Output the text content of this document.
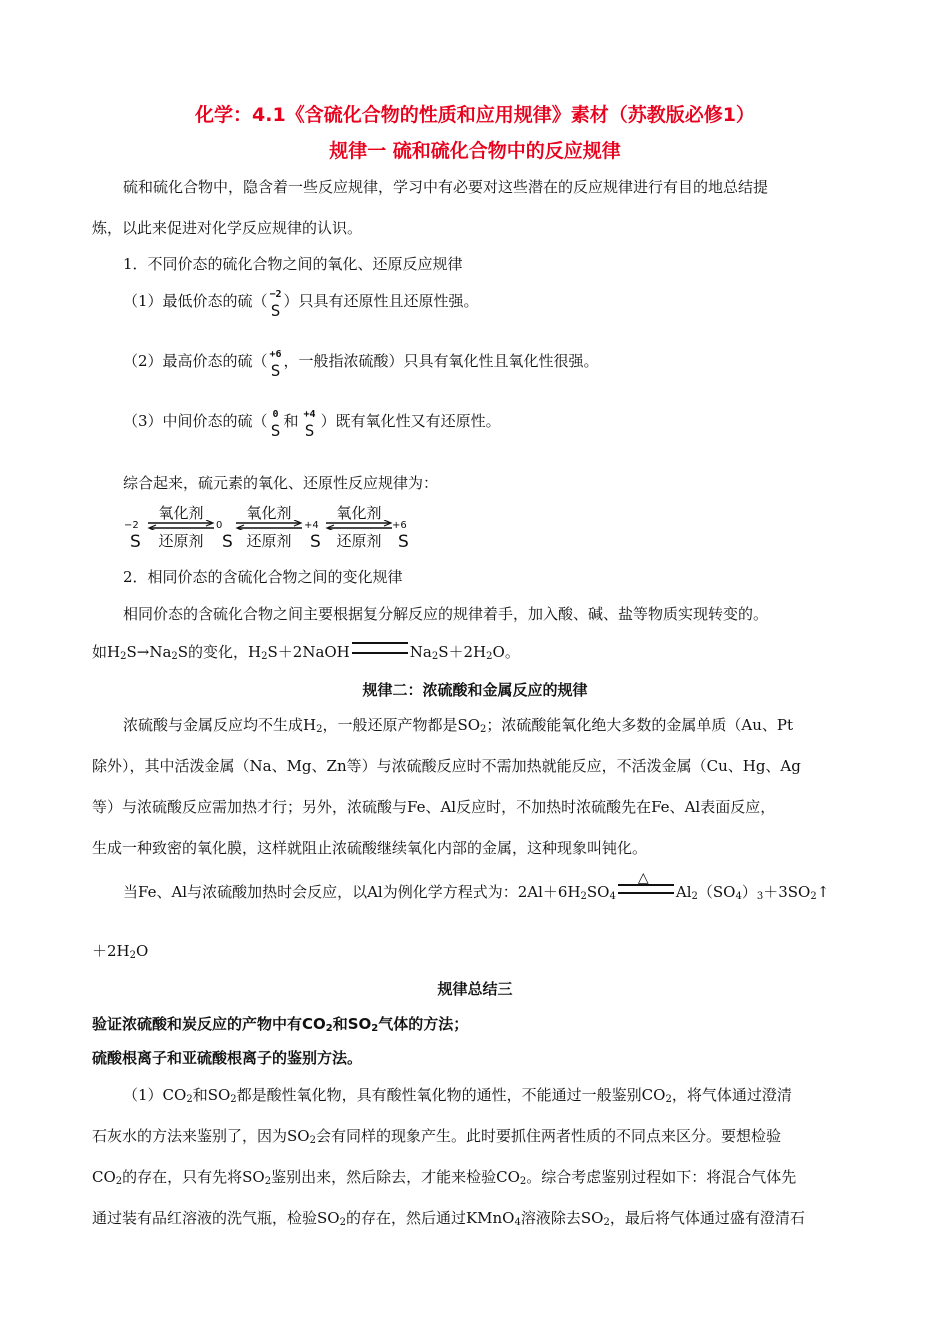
化学：4.1《含硫化合物的性质和应用规律》素材（苏教版必修1）
规律一 硫和硫化合物中的反应规律
硫和硫化合物中，隐含着一些反应规律，学习中有必要对这些潜在的反应规律进行有目的地总结提
炼，以此来促进对化学反应规律的认识。
1．不同价态的硫化合物之间的氧化、还原反应规律
（1）最低价态的硫（ −2
S ）只具有还原性且还原性强。
（2）最高价态的硫（ +6
S ，一般指浓硫酸）只具有氧化性且氧化性很强。
（3）中间价态的硫（ 0
S 和 +4
S ）既有氧化性又有还原性。
综合起来，硫元素的氧化、还原性反应规律为：
−2
S
氧化剂
还原剂
0
S
氧化剂
还原剂
+4
S
氧化剂
还原剂
+6
S
2．相同价态的含硫化合物之间的变化规律
相同价态的含硫化合物之间主要根据复分解反应的规律着手，加入酸、碱、盐等物质实现转变的。
如$H_2S\to Na_2S$的变化，$H_2S+2NaOH$	$Na_2S+2H_2O$。
规律二：浓硫酸和金属反应的规律
浓硫酸与金属反应均不生成$H_2$，一般还原产物都是$SO_2$；浓硫酸能氧化绝大多数的金属单质（Au、Pt
除外），其中活泼金属（Na、Mg、Zn等）与浓硫酸反应时不需加热就能反应，不活泼金属（Cu、Hg、Ag
等）与浓硫酸反应需加热才行；另外，浓硫酸与Fe、Al反应时，不加热时浓硫酸先在Fe、Al表面反应，
生成一种致密的氧化膜，这样就阻止浓硫酸继续氧化内部的金属，这种现象叫钝化。
当Fe、Al与浓硫酸加热时会反应，以Al为例化学方程式为：$2Al+6H_2SO_4$
△
$Al_2(SO_4)_3+3SO_2↑$
$+2H_2O$
规律总结三
验证浓硫酸和炭反应的产物中有$CO_2$和$SO_2$气体的方法；
硫酸根离子和亚硫酸根离子的鉴别方法。
$(1)CO_2$和$SO_2$都是酸性氧化物，具有酸性氧化物的通性，不能通过一般鉴别$CO_2$，将气体通过澄清
石灰水的方法来鉴别了，因为$SO_2$会有同样的现象产生。此时要抓住两者性质的不同点来区分。要想检验
$CO_2$的存在，只有先将$SO_2$鉴别出来，然后除去，才能来检验$CO_2$。综合考虑鉴别过程如下：将混合气体先
通过装有品红溶液的洗气瓶，检验$SO_2$的存在，然后通过KMnO$_4$溶液除去$SO_2$，最后将气体通过盛有澄清石
